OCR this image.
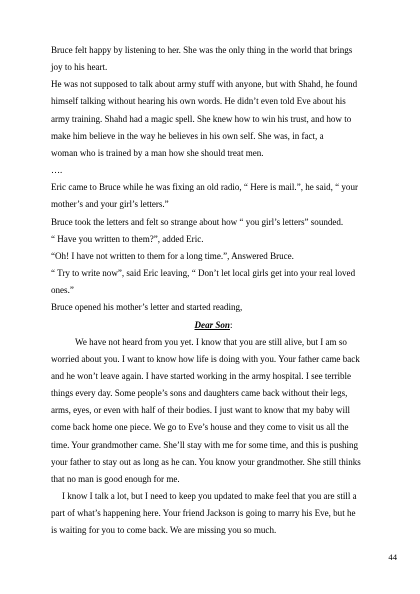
Bruce felt happy by listening to her. She was the only thing in the world that brings
joy to his heart.
He was not supposed to talk about army stuff with anyone, but with Shahd, he found
himself talking without hearing his own words. He didn’t even told Eve about his
army training. Shahd had a magic spell. She knew how to win his trust, and how to
make him believe in the way he believes in his own self. She was, in fact, a
woman who is trained by a man how she should treat men.
….
Eric came to Bruce while he was fixing an old radio, “ Here is mail.”, he said, “ your
mother’s and your girl’s letters.”
Bruce took the letters and felt so strange about how “ you girl’s letters” sounded.
“ Have you written to them?”, added Eric.
“Oh! I have not written to them for a long time.”, Answered Bruce.
“ Try to write now”, said Eric leaving, “ Don’t let local girls get into your real loved
ones.”
Bruce opened his mother’s letter and started reading,
Dear Son:
We have not heard from you yet. I know that you are still alive, but I am so
worried about you. I want to know how life is doing with you. Your father came back
and he won’t leave again. I have started working in the army hospital. I see terrible
things every day. Some people’s sons and daughters came back without their legs,
arms, eyes, or even with half of their bodies. I just want to know that my baby will
come back home one piece. We go to Eve’s house and they come to visit us all the
time. Your grandmother came. She’ll stay with me for some time, and this is pushing
your father to stay out as long as he can. You know your grandmother. She still thinks
that no man is good enough for me.
I know I talk a lot, but I need to keep you updated to make feel that you are still a
part of what’s happening here. Your friend Jackson is going to marry his Eve, but he
is waiting for you to come back. We are missing you so much.
44
